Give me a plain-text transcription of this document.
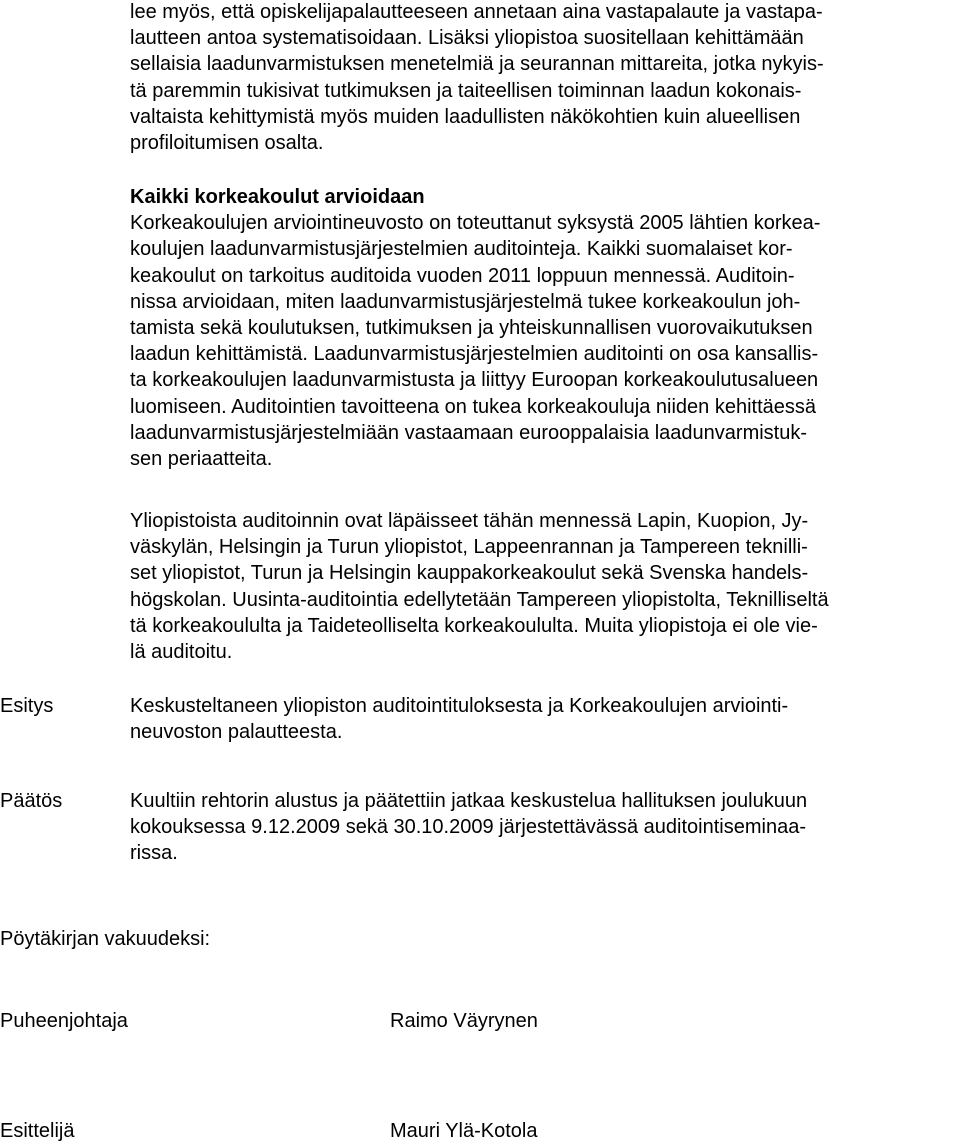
lee myös, että opiskelijapalautteeseen annetaan aina vastapalaute ja vastapa-
lautteen antoa systematisoidaan. Lisäksi yliopistoa suositellaan kehittämään
sellaisia laadunvarmistuksen menetelmiä ja seurannan mittareita, jotka nykyis-
tä paremmin tukisivat tutkimuksen ja taiteellisen toiminnan laadun kokonais-
valtaista kehittymistä myös muiden laadullisten näkökohtien kuin alueellisen
profiloitumisen osalta.
Kaikki korkeakoulut arvioidaan
Korkeakoulujen arviointineuvosto on toteuttanut syksystä 2005 lähtien korkea-
koulujen laadunvarmistusjärjestelmien auditointeja. Kaikki suomalaiset kor-
keakoulut on tarkoitus auditoida vuoden 2011 loppuun mennessä. Auditoin-
nissa arvioidaan, miten laadunvarmistusjärjestelmä tukee korkeakoulun joh-
tamista sekä koulutuksen, tutkimuksen ja yhteiskunnallisen vuorovaikutuksen
laadun kehittämistä. Laadunvarmistusjärjestelmien auditointi on osa kansallis-
ta korkeakoulujen laadunvarmistusta ja liittyy Euroopan korkeakoulutusalueen
luomiseen. Auditointien tavoitteena on tukea korkeakouluja niiden kehittäessä
laadunvarmistusjärjestelmiään vastaamaan eurooppalaisia laadunvarmistuk-
sen periaatteita.
Yliopistoista auditoinnin ovat läpäisseet tähän mennessä Lapin, Kuopion, Jy-
väskylän, Helsingin ja Turun yliopistot, Lappeenrannan ja Tampereen teknilli-
set yliopistot, Turun ja Helsingin kauppakorkeakoulut sekä Svenska handels-
högskolan. Uusinta-auditointia edellytetään Tampereen yliopistolta, Teknilliseltä
tä korkeakoululta ja Taideteolliselta korkeakoululta. Muita yliopistoja ei ole vie-
lä auditoitu.
Esitys	Keskusteltaneen yliopiston auditointituloksesta ja Korkeakoulujen arviointi-
neuvoston palautteesta.
Päätös	Kuultiin rehtorin alustus ja päätettiin jatkaa keskustelua hallituksen joulukuun
kokouksessa 9.12.2009 sekä 30.10.2009 järjestettävässä auditointiseminaa-
rissa.
Pöytäkirjan vakuudeksi:
Puheenjohtaja	Raimo Väyrynen
Esittelijä	Mauri Ylä-Kotola
